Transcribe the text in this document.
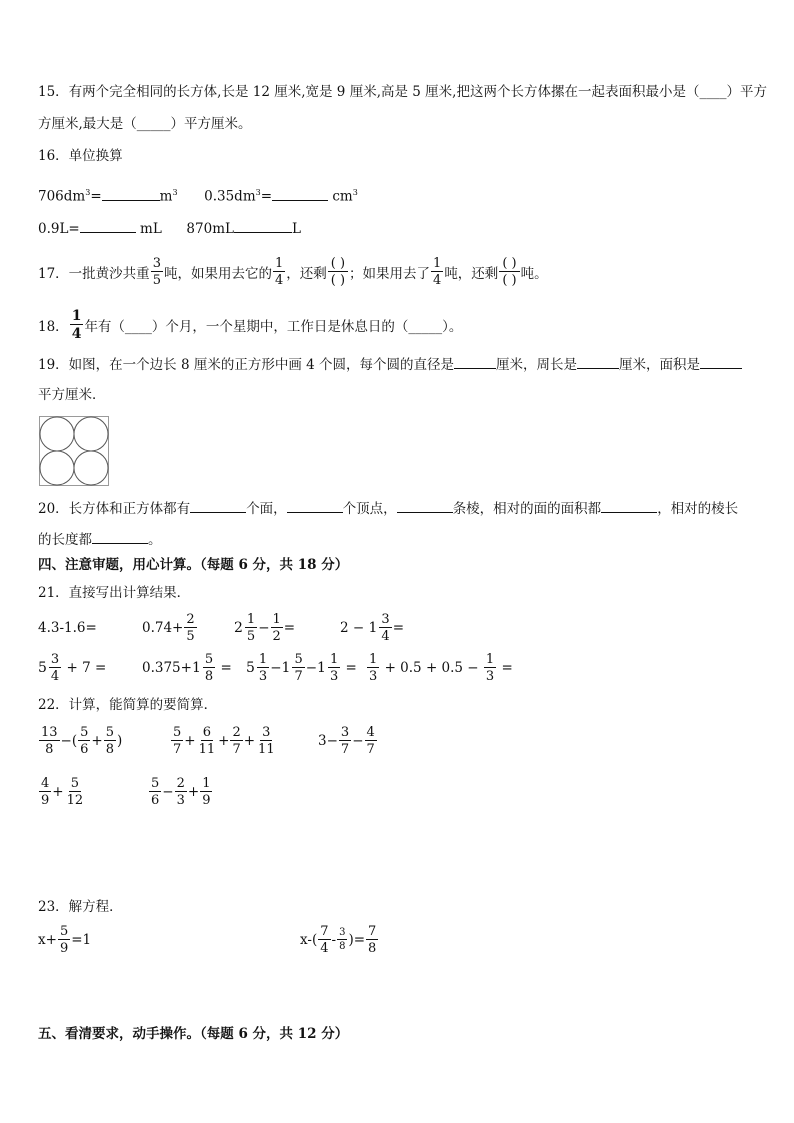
15．有两个完全相同的长方体,长是 12 厘米,宽是 9 厘米,高是 5 厘米,把这两个长方体摞在一起表面积最小是（____）平方
方厘米,最大是（_____）平方厘米。
16．单位换算
$706dm^3=$	$m^3$ $0.35dm^3=$	$cm^3$
0.9L=	mL 870mL	L
17．一批黄沙共重 $\frac{3}{5}$ 吨，如果用去它的 $\frac{1}{4}$ ，还剩 $\frac{( )}{( )}$ ；如果用去了 $\frac{1}{4}$ 吨，还剩 $\frac{( )}{( )}$ 吨。
18． $\frac{1}{4}$ 年有（____）个月，一个星期中，工作日是休息日的（_____）。
19．如图，在一个边长 8 厘米的正方形中画 4 个圆，每个圆的直径是	厘米，周长是	厘米，面积是
平方厘米．
20．长方体和正方体都有	个面，	个顶点，	条棱，相对的面的面积都	，相对的棱长
的长度都	。
四、注意审题，用心计算。（每题 6 分，共 18 分）
21．直接写出计算结果．
4.3-1.6=	$0.74+ \frac{2}{5}$	$2 \frac{1}{5} - \frac{1}{2}$ =	2
−
$1 \frac{3}{4}$ =
$5 \frac{3}{4}$
+ 7 =	$0.375+ 1 \frac{5}{8}$
= $5 \frac{1}{3} - 1 \frac{5}{7} - 1 \frac{1}{3}$
= $\frac{1}{3}$
+ 0.5 + 0.5 −
$\frac{1}{3}$
=
22．计算，能简算的要简算．
$\frac{13}{8}$ −( $\frac{5}{6} + \frac{5}{8}$ )	$\frac{5}{7} + \frac{6}{11} + \frac{2}{7} + \frac{3}{11}$	$3 - \frac{3}{7} - \frac{4}{7}$
$\frac{4}{9} + \frac{5}{12}$	$\frac{5}{6} - \frac{2}{3} + \frac{1}{9}$
23．解方程．
$x+ \frac{5}{9} =1$	$x-( \frac{7}{4} - \frac{3}{8}$ )= $\frac{7}{8}$
五、看清要求，动手操作。（每题 6 分，共 12 分）
